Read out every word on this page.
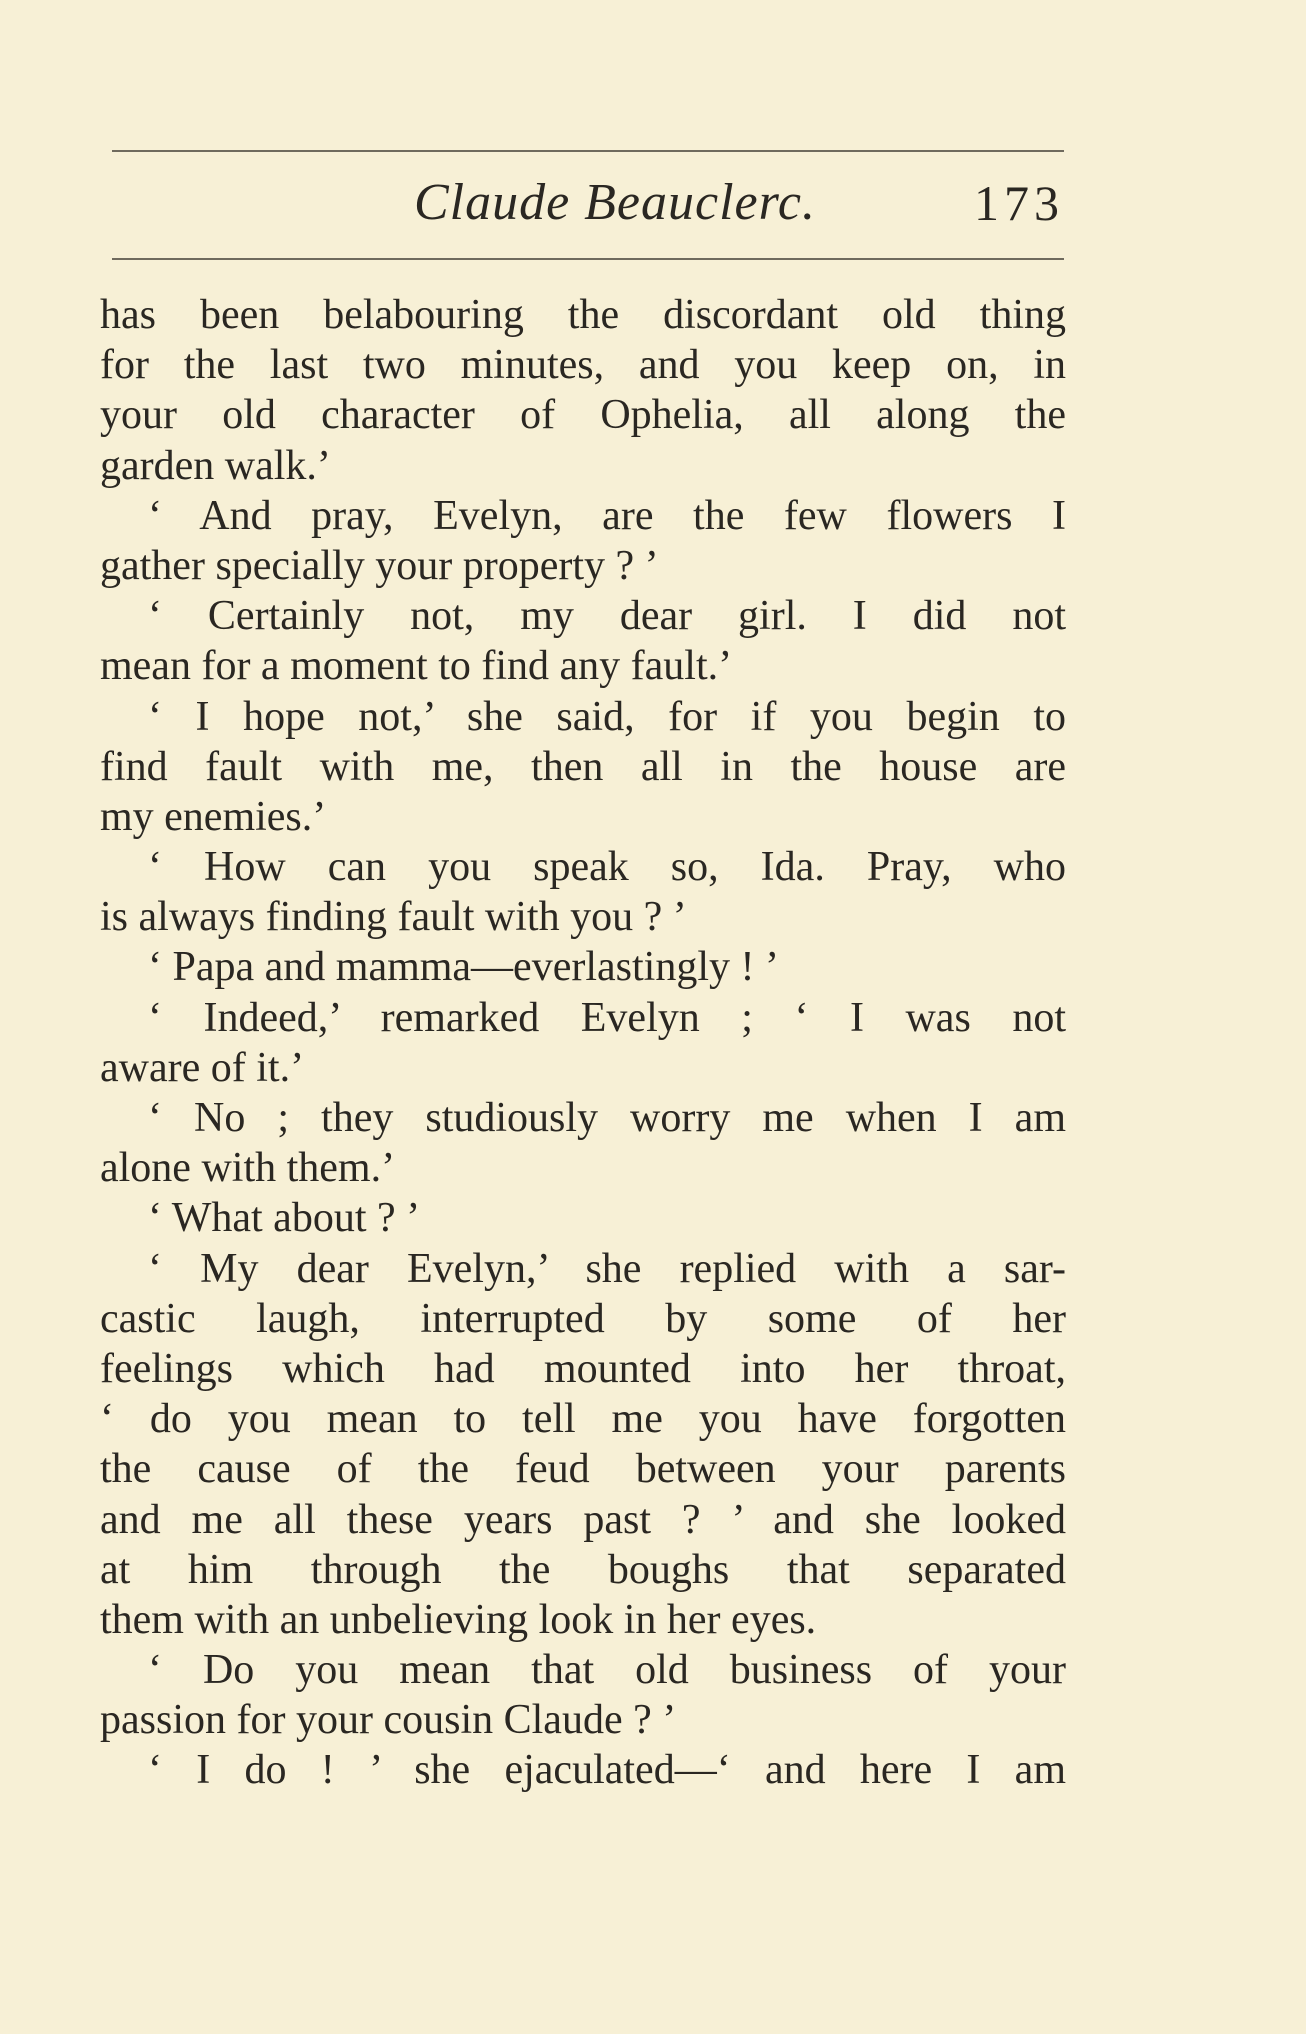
Claude Beauclerc.	173
has been belabouring the discordant old thing
for the last two minutes, and you keep on, in
your old character of Ophelia, all along the
garden walk.’
‘ And pray, Evelyn, are the few flowers I
gather specially your property ? ’
‘ Certainly not, my dear girl. I did not
mean for a moment to find any fault.’
‘ I hope not,’ she said, for if you begin to
find fault with me, then all in the house are
my enemies.’
‘ How can you speak so, Ida. Pray, who
is always finding fault with you ? ’
‘ Papa and mamma—everlastingly ! ’
‘ Indeed,’ remarked Evelyn ; ‘ I was not
aware of it.’
‘ No ; they studiously worry me when I am
alone with them.’
‘ What about ? ’
‘ My dear Evelyn,’ she replied with a sar-
castic laugh, interrupted by some of her
feelings which had mounted into her throat,
‘ do you mean to tell me you have forgotten
the cause of the feud between your parents
and me all these years past ? ’ and she looked
at him through the boughs that separated
them with an unbelieving look in her eyes.
‘ Do you mean that old business of your
passion for your cousin Claude ? ’
‘ I do ! ’ she ejaculated—‘ and here I am
